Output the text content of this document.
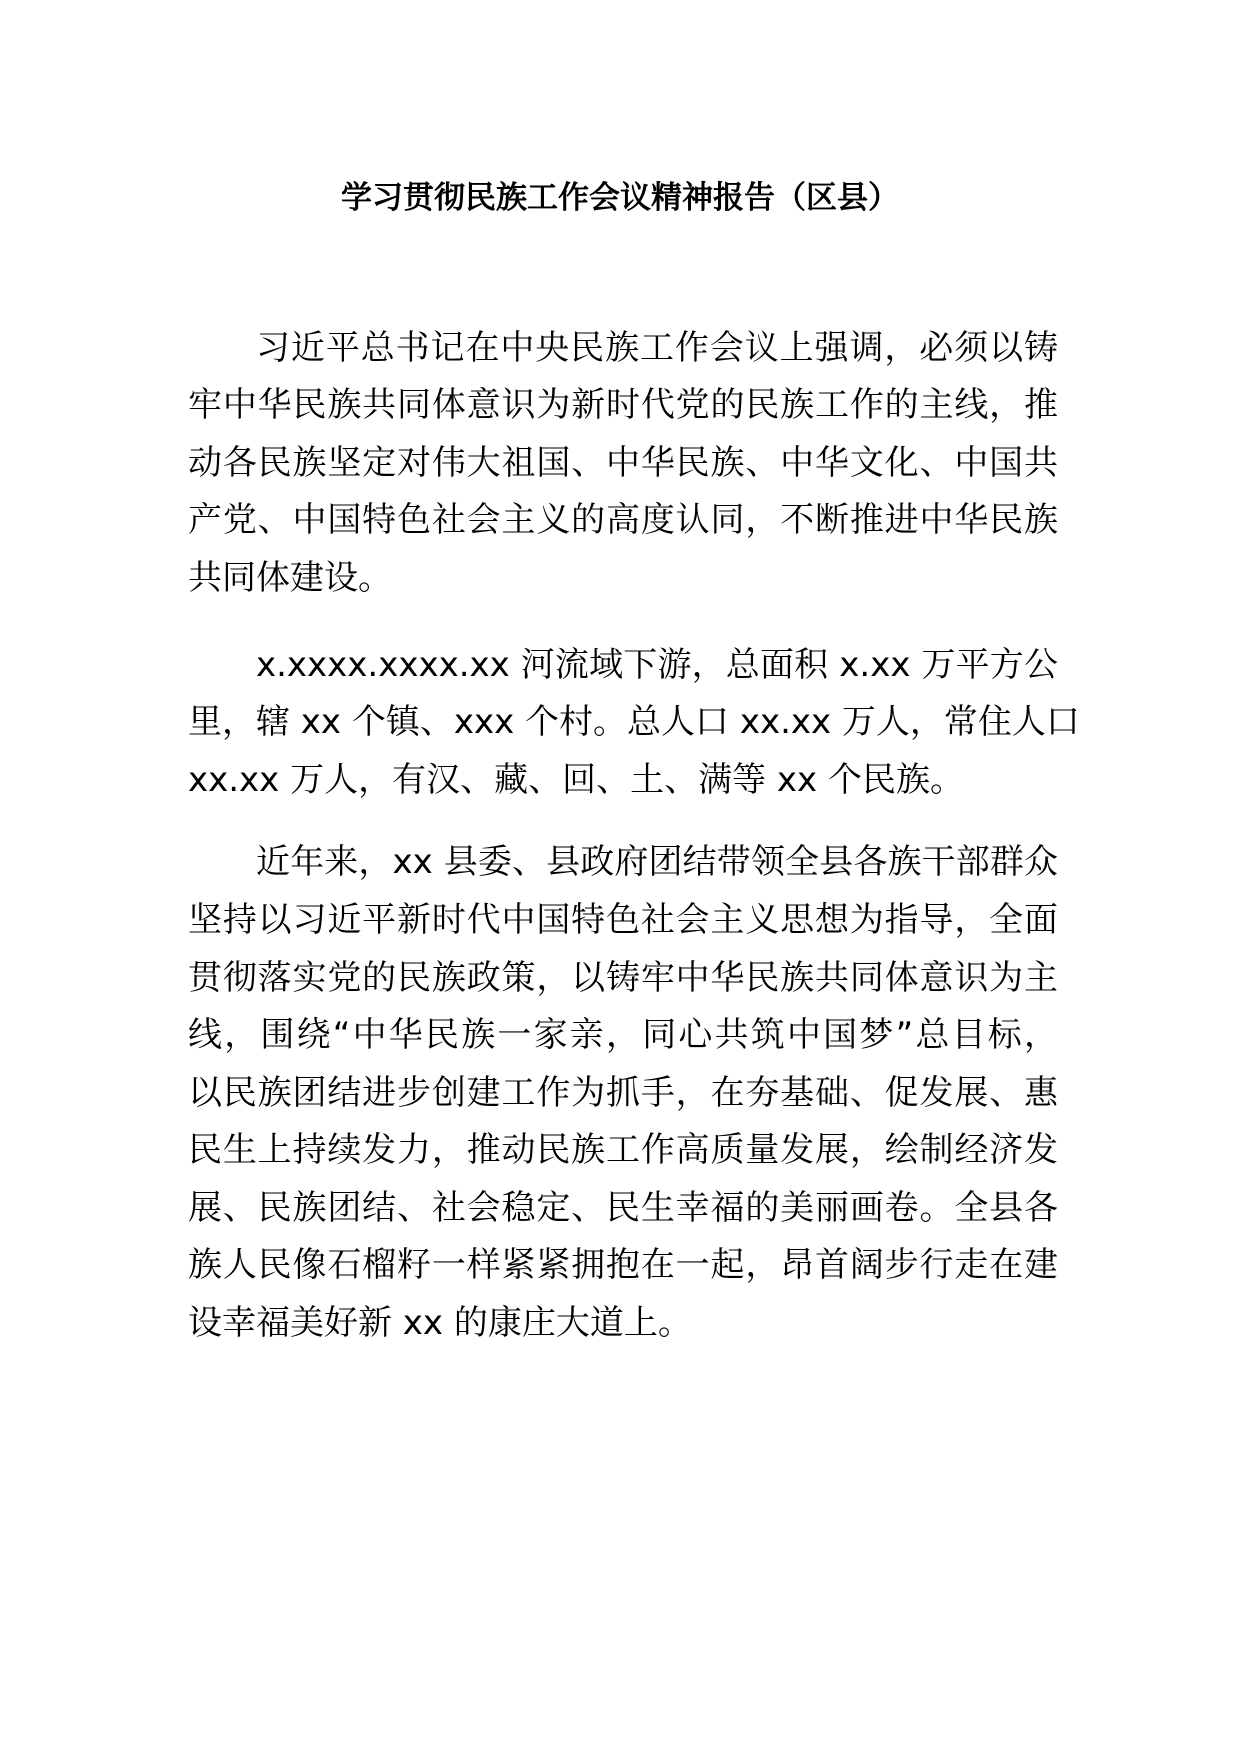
学习贯彻民族工作会议精神报告（区县）
习近平总书记在中央民族工作会议上强调，必须以铸
牢中华民族共同体意识为新时代党的民族工作的主线，推
动各民族坚定对伟大祖国、中华民族、中华文化、中国共
产党、中国特色社会主义的高度认同，不断推进中华民族
共同体建设。
x.xxxx.xxxx.xx 河流域下游，总面积 x.xx 万平方公
里，辖 xx 个镇、xxx 个村。总人口 xx.xx 万人，常住人口
xx.xx 万人，有汉、藏、回、土、满等 xx 个民族。
近年来，xx 县委、县政府团结带领全县各族干部群众
坚持以习近平新时代中国特色社会主义思想为指导，全面
贯彻落实党的民族政策，以铸牢中华民族共同体意识为主
线，围绕“中华民族一家亲，同心共筑中国梦”总目标，
以民族团结进步创建工作为抓手，在夯基础、促发展、惠
民生上持续发力，推动民族工作高质量发展，绘制经济发
展、民族团结、社会稳定、民生幸福的美丽画卷。全县各
族人民像石榴籽一样紧紧拥抱在一起，昂首阔步行走在建
设幸福美好新 xx 的康庄大道上。
